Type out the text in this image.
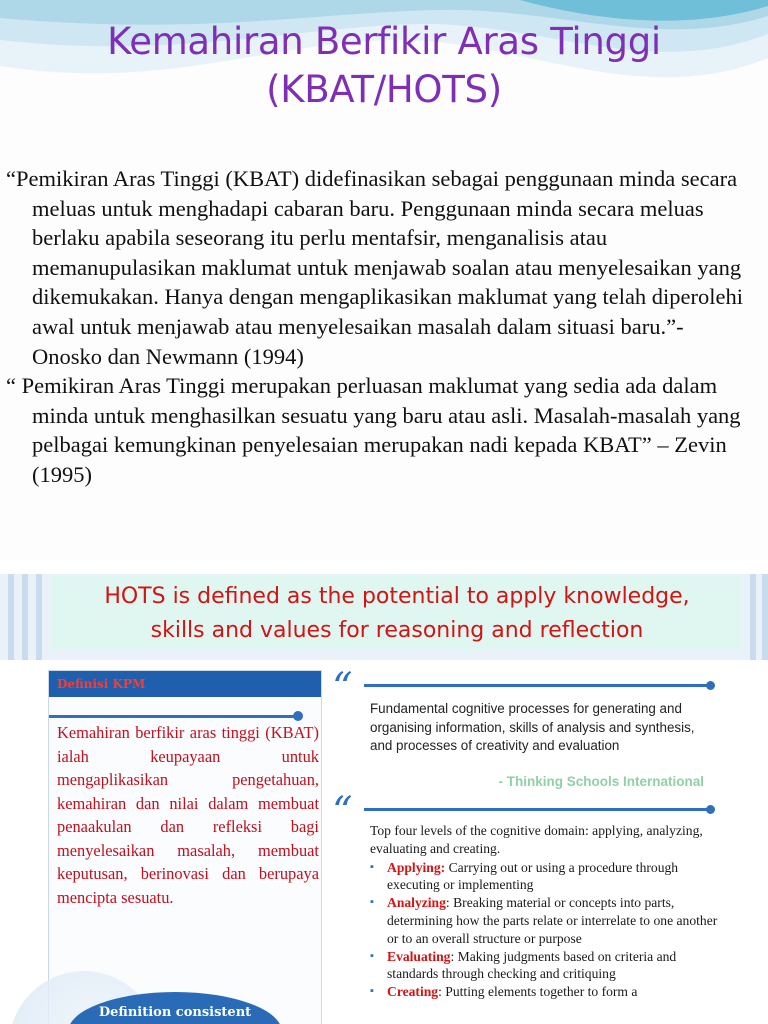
Kemahiran Berfikir Aras Tinggi
(KBAT/HOTS)

“Pemikiran Aras Tinggi (KBAT) didefinasikan sebagai penggunaan minda secara meluas untuk menghadapi cabaran baru. Penggunaan minda secara meluas berlaku apabila seseorang itu perlu mentafsir, menganalisis atau memanupulasikan maklumat untuk menjawab soalan atau menyelesaikan yang dikemukakan. Hanya dengan mengaplikasikan maklumat yang telah diperolehi awal untuk menjawab atau menyelesaikan masalah dalam situasi baru.”- Onosko dan Newmann (1994)

“ Pemikiran Aras Tinggi merupakan perluasan maklumat yang sedia ada dalam minda untuk menghasilkan sesuatu yang baru atau asli. Masalah-masalah yang pelbagai kemungkinan penyelesaian merupakan nadi kepada KBAT” – Zevin (1995)

HOTS is defined as the potential to apply knowledge,
skills and values for reasoning and reflection
Definisi KPM
Kemahiran berfikir aras tinggi (KBAT) ialah keupayaan untuk mengaplikasikan pengetahuan, kemahiran dan nilai dalam membuat penaakulan dan refleksi bagi menyelesaikan masalah, membuat keputusan, berinovasi dan berupaya mencipta sesuatu.
Definition consistent
“ Fundamental cognitive processes for generating and organising information, skills of analysis and synthesis, and processes of creativity and evaluation
- Thinking Schools International
“ Top four levels of the cognitive domain: applying, analyzing, evaluating and creating.

▪ Applying: Carrying out or using a procedure through executing or implementing

▪ Analyzing: Breaking material or concepts into parts, determining how the parts relate or interrelate to one another or to an overall structure or purpose

▪ Evaluating: Making judgments based on criteria and standards through checking and critiquing

▪ Creating: Putting elements together to form a
